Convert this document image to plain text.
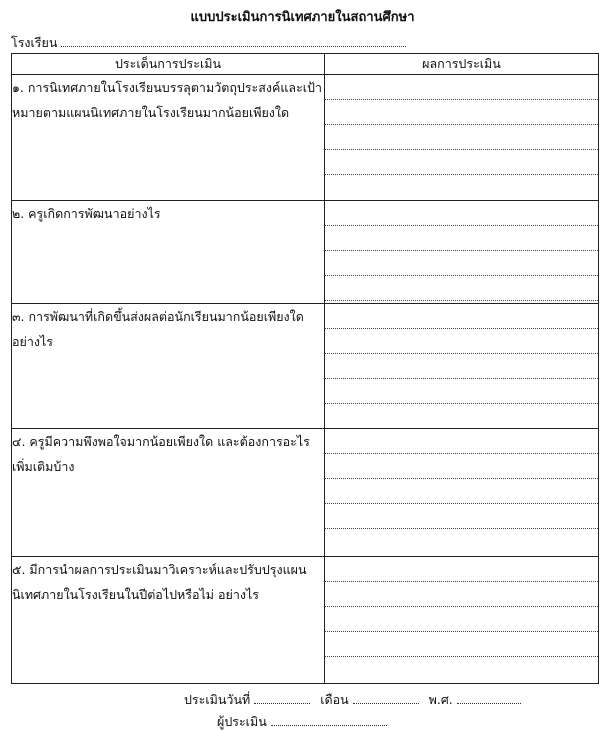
แบบประเมินการนิเทศภายในสถานศึกษา
โรงเรียน
ประเด็นการประเมิน	ผลการประเมิน
๑. การนิเทศภายในโรงเรียนบรรลุตามวัตถุประสงค์และเป้าหมายตามแผนนิเทศภายในโรงเรียนมากน้อยเพียงใด	

๒. ครูเกิดการพัฒนาอย่างไร	

๓. การพัฒนาที่เกิดขึ้นส่งผลต่อนักเรียนมากน้อยเพียงใดอย่างไร	

๔. ครูมีความพึงพอใจมากน้อยเพียงใด และต้องการอะไรเพิ่มเติมบ้าง	

๕. มีการนำผลการประเมินมาวิเคราะห์และปรับปรุงแผนนิเทศภายในโรงเรียนในปีต่อไปหรือไม่ อย่างไร	
ประเมินวันที่	เดือน	พ.ศ.
ผู้ประเมิน
